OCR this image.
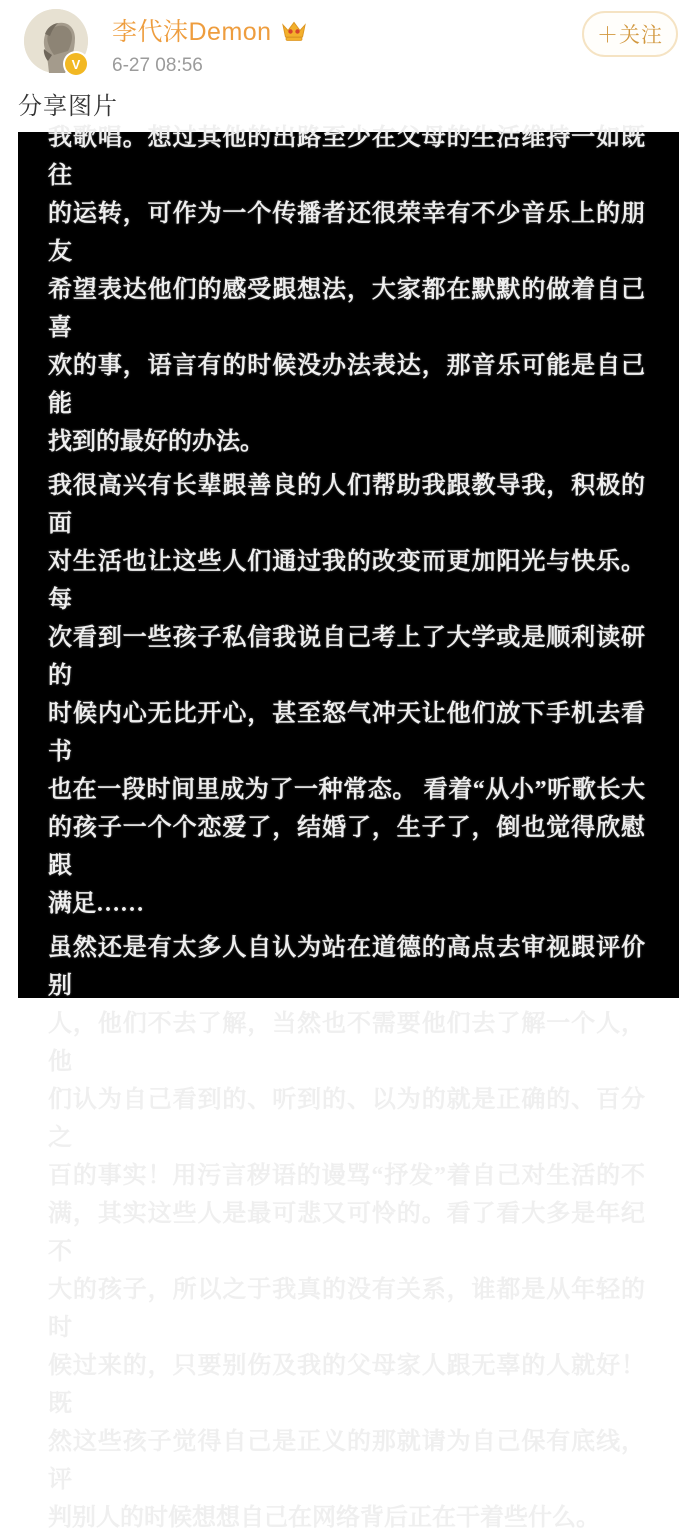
V
李代沫Demon
6-27 08:56
＋关注
分享图片
我歌唱。想过其他的出路至少在父母的生活维持一如既往
的运转，可作为一个传播者还很荣幸有不少音乐上的朋友
希望表达他们的感受跟想法，大家都在默默的做着自己喜
欢的事，语言有的时候没办法表达，那音乐可能是自己能
找到的最好的办法。
我很高兴有长辈跟善良的人们帮助我跟教导我，积极的面
对生活也让这些人们通过我的改变而更加阳光与快乐。每
次看到一些孩子私信我说自己考上了大学或是顺利读研的
时候内心无比开心，甚至怒气冲天让他们放下手机去看书
也在一段时间里成为了一种常态。 看着“从小”听歌长大
的孩子一个个恋爱了，结婚了，生子了，倒也觉得欣慰跟
满足……
虽然还是有太多人自认为站在道德的高点去审视跟评价别
人，他们不去了解，当然也不需要他们去了解一个人，他
们认为自己看到的、听到的、以为的就是正确的、百分之
百的事实！用污言秽语的谩骂“抒发”着自己对生活的不
满，其实这些人是最可悲又可怜的。看了看大多是年纪不
大的孩子，所以之于我真的没有关系，谁都是从年轻的时
候过来的，只要别伤及我的父母家人跟无辜的人就好！既
然这些孩子觉得自己是正义的那就请为自己保有底线，评
判别人的时候想想自己在网络背后正在干着些什么。
